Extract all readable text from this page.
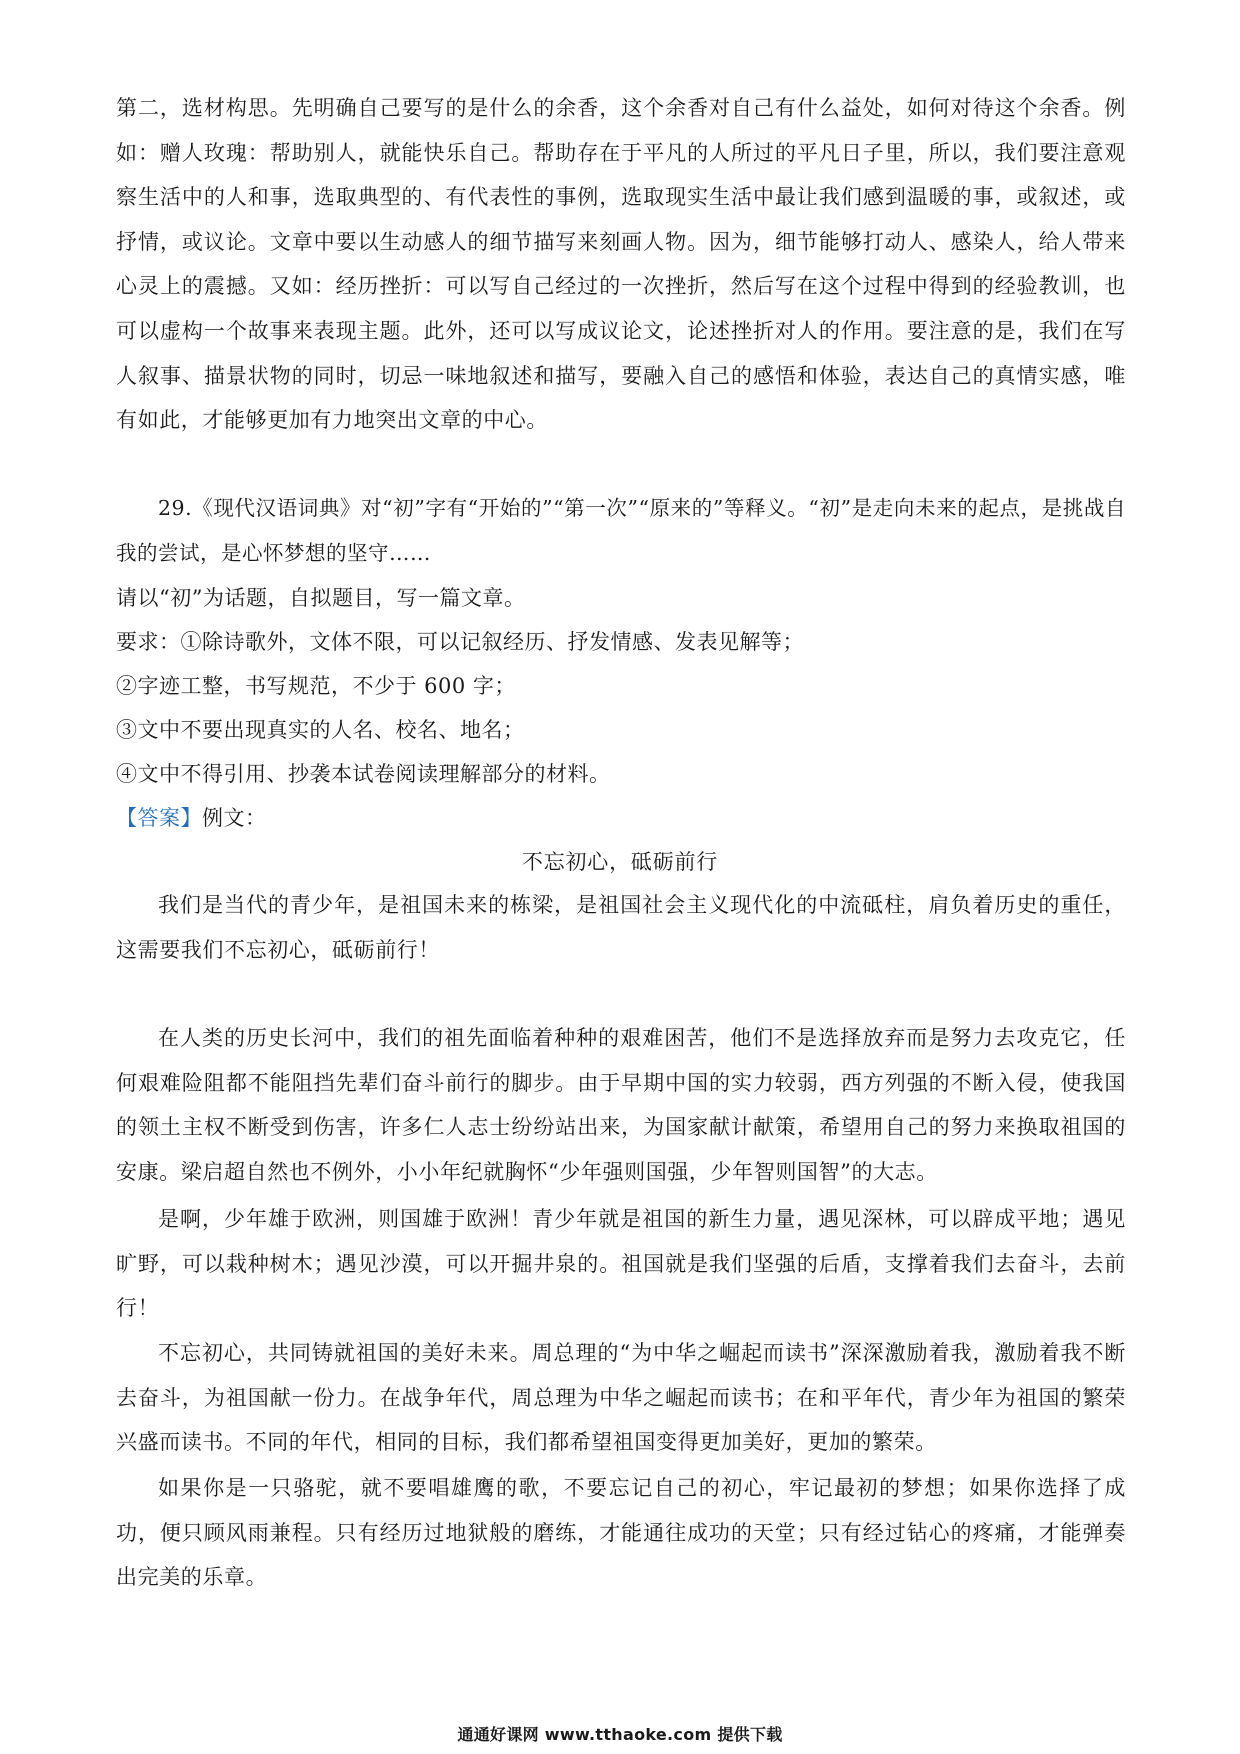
第二，选材构思。先明确自己要写的是什么的余香，这个余香对自己有什么益处，如何对待这个余香。例如：赠人玫瑰：帮助别人，就能快乐自己。帮助存在于平凡的人所过的平凡日子里，所以，我们要注意观察生活中的人和事，选取典型的、有代表性的事例，选取现实生活中最让我们感到温暖的事，或叙述，或抒情，或议论。文章中要以生动感人的细节描写来刻画人物。因为，细节能够打动人、感染人，给人带来心灵上的震撼。又如：经历挫折：可以写自己经过的一次挫折，然后写在这个过程中得到的经验教训，也可以虚构一个故事来表现主题。此外，还可以写成议论文，论述挫折对人的作用。要注意的是，我们在写人叙事、描景状物的同时，切忌一味地叙述和描写，要融入自己的感悟和体验，表达自己的真情实感，唯有如此，才能够更加有力地突出文章的中心。

29.《现代汉语词典》对“初”字有“开始的”“第一次”“原来的”等释义。“初”是走向未来的起点，是挑战自我的尝试，是心怀梦想的坚守……

请以“初”为话题，自拟题目，写一篇文章。

要求：①除诗歌外，文体不限，可以记叙经历、抒发情感、发表见解等；

②字迹工整，书写规范，不少于 600 字；

③文中不要出现真实的人名、校名、地名；

④文中不得引用、抄袭本试卷阅读理解部分的材料。

【答案】例文：

不忘初心，砥砺前行

我们是当代的青少年，是祖国未来的栋梁，是祖国社会主义现代化的中流砥柱，肩负着历史的重任，这需要我们不忘初心，砥砺前行！

在人类的历史长河中，我们的祖先面临着种种的艰难困苦，他们不是选择放弃而是努力去攻克它，任何艰难险阻都不能阻挡先辈们奋斗前行的脚步。由于早期中国的实力较弱，西方列强的不断入侵，使我国的领土主权不断受到伤害，许多仁人志士纷纷站出来，为国家献计献策，希望用自己的努力来换取祖国的安康。梁启超自然也不例外，小小年纪就胸怀“少年强则国强，少年智则国智”的大志。

是啊，少年雄于欧洲，则国雄于欧洲！青少年就是祖国的新生力量，遇见深林，可以辟成平地；遇见旷野，可以栽种树木；遇见沙漠，可以开掘井泉的。祖国就是我们坚强的后盾，支撑着我们去奋斗，去前行！

不忘初心，共同铸就祖国的美好未来。周总理的“为中华之崛起而读书”深深激励着我，激励着我不断去奋斗，为祖国献一份力。在战争年代，周总理为中华之崛起而读书；在和平年代，青少年为祖国的繁荣兴盛而读书。不同的年代，相同的目标，我们都希望祖国变得更加美好，更加的繁荣。

如果你是一只骆驼，就不要唱雄鹰的歌，不要忘记自己的初心，牢记最初的梦想；如果你选择了成功，便只顾风雨兼程。只有经历过地狱般的磨练，才能通往成功的天堂；只有经过钻心的疼痛，才能弹奏出完美的乐章。

通通好课网 www.tthaoke.com 提供下载
